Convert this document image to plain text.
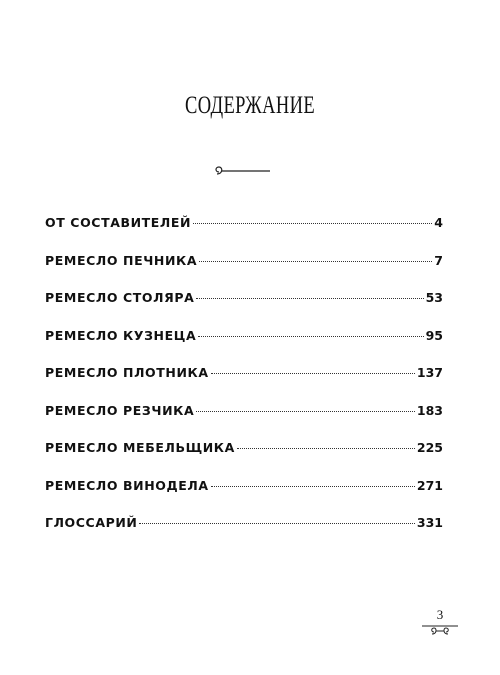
СОДЕРЖАНИЕ
ОТ СОСТАВИТЕЛЕЙ	4
РЕМЕСЛО ПЕЧНИКА	7
РЕМЕСЛО СТОЛЯРА	53
РЕМЕСЛО КУЗНЕЦА	95
РЕМЕСЛО ПЛОТНИКА	137
РЕМЕСЛО РЕЗЧИКА	183
РЕМЕСЛО МЕБЕЛЬЩИКА	225
РЕМЕСЛО ВИНОДЕЛА	271
ГЛОССАРИЙ	331
3
